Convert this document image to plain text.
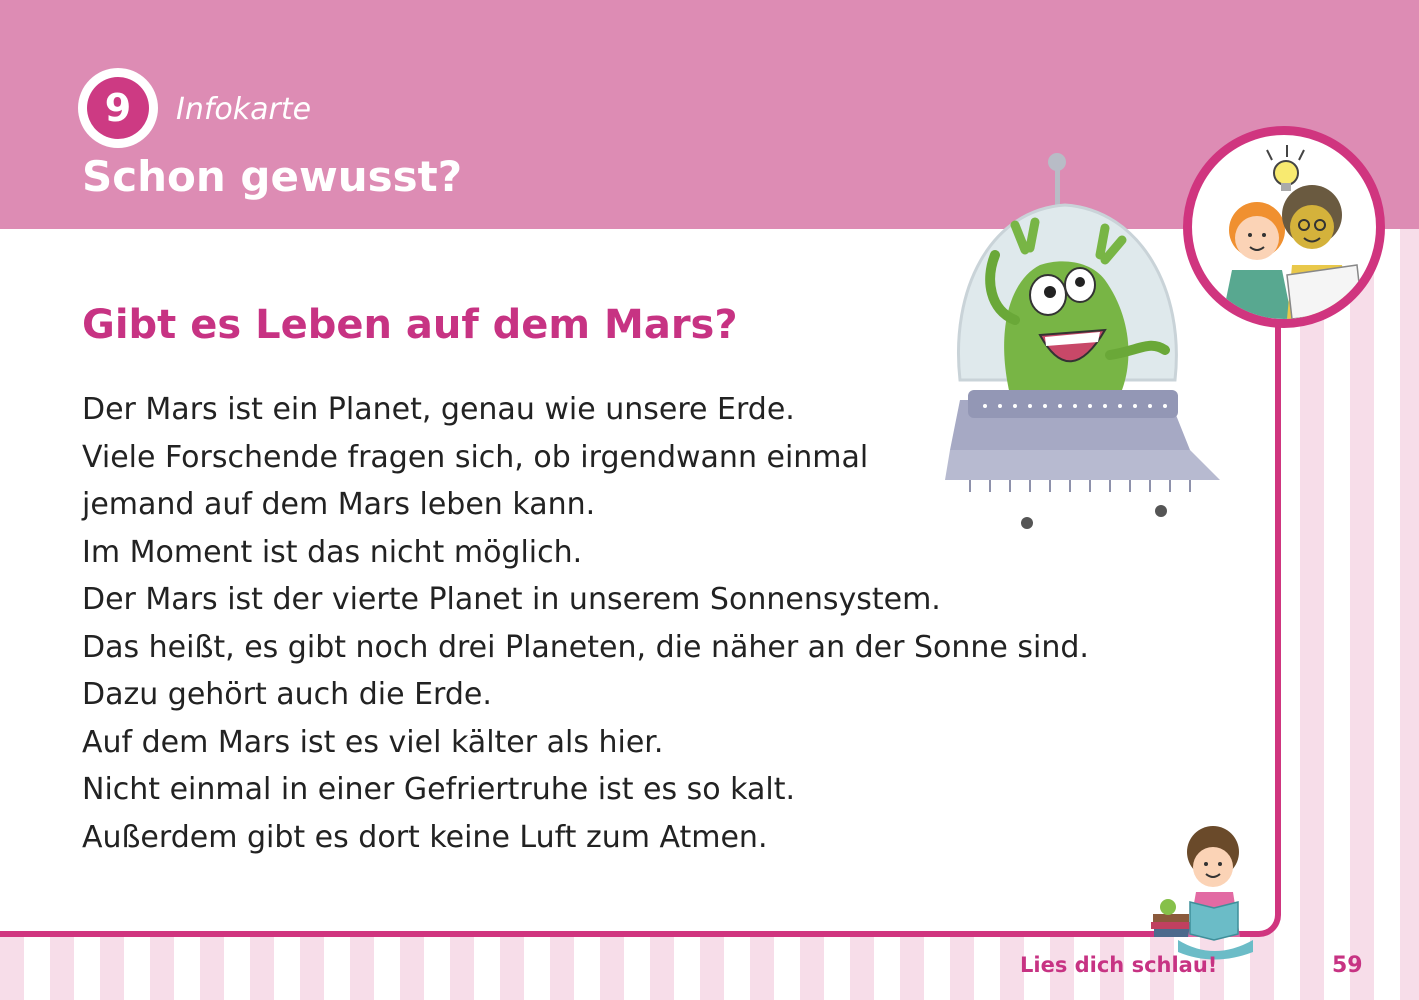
9	Infokarte
Schon gewusst?
Gibt es Leben auf dem Mars?
Der Mars ist ein Planet, genau wie unsere Erde.
Viele Forschende fragen sich, ob irgendwann einmal
jemand auf dem Mars leben kann.
Im Moment ist das nicht möglich.
Der Mars ist der vierte Planet in unserem Sonnensystem.
Das heißt, es gibt noch drei Planeten, die näher an der Sonne sind.
Dazu gehört auch die Erde.
Auf dem Mars ist es viel kälter als hier.
Nicht einmal in einer Gefriertruhe ist es so kalt.
Außerdem gibt es dort keine Luft zum Atmen.
Lies dich schlau!	59
